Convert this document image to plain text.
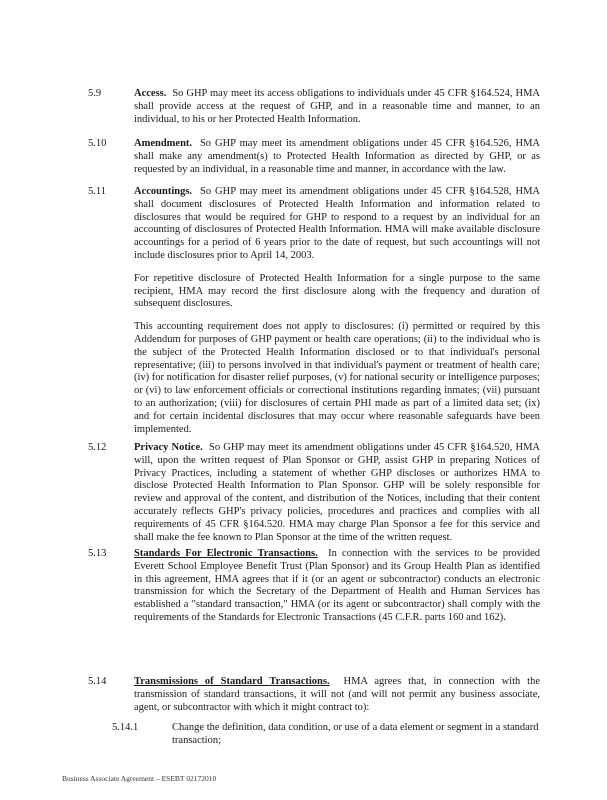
5.9	Access. So GHP may meet its access obligations to individuals under 45 CFR §164.524, HMA shall provide access at the request of GHP, and in a reasonable time and manner, to an individual, to his or her Protected Health Information.

5.10	Amendment. So GHP may meet its amendment obligations under 45 CFR §164.526, HMA shall make any amendment(s) to Protected Health Information as directed by GHP, or as requested by an individual, in a reasonable time and manner, in accordance with the law.

5.11	Accountings. So GHP may meet its amendment obligations under 45 CFR §164.528, HMA shall document disclosures of Protected Health Information and information related to disclosures that would be required for GHP to respond to a request by an individual for an accounting of disclosures of Protected Health Information. HMA will make available disclosure accountings for a period of 6 years prior to the date of request, but such accountings will not include disclosures prior to April 14, 2003.

For repetitive disclosure of Protected Health Information for a single purpose to the same recipient, HMA may record the first disclosure along with the frequency and duration of subsequent disclosures.

This accounting requirement does not apply to disclosures: (i) permitted or required by this Addendum for purposes of GHP payment or health care operations; (ii) to the individual who is the subject of the Protected Health Information disclosed or to that individual's personal representative; (iii) to persons involved in that individual's payment or treatment of health care; (iv) for notification for disaster relief purposes, (v) for national security or intelligence purposes; or (vi) to law enforcement officials or correctional institutions regarding inmates; (vii) pursuant to an authorization; (viii) for disclosures of certain PHI made as part of a limited data set; (ix) and for certain incidental disclosures that may occur where reasonable safeguards have been implemented.

5.12	Privacy Notice. So GHP may meet its amendment obligations under 45 CFR §164.520, HMA will, upon the written request of Plan Sponsor or GHP, assist GHP in preparing Notices of Privacy Practices, including a statement of whether GHP discloses or authorizes HMA to disclose Protected Health Information to Plan Sponsor. GHP will be solely responsible for review and approval of the content, and distribution of the Notices, including that their content accurately reflects GHP's privacy policies, procedures and practices and complies with all requirements of 45 CFR §164.520. HMA may charge Plan Sponsor a fee for this service and shall make the fee known to Plan Sponsor at the time of the written request.

5.13	Standards For Electronic Transactions. In connection with the services to be provided Everett School Employee Benefit Trust (Plan Sponsor) and its Group Health Plan as identified in this agreement, HMA agrees that if it (or an agent or subcontractor) conducts an electronic transmission for which the Secretary of the Department of Health and Human Services has established a "standard transaction," HMA (or its agent or subcontractor) shall comply with the requirements of the Standards for Electronic Transactions (45 C.F.R. parts 160 and 162).

5.14	Transmissions of Standard Transactions. HMA agrees that, in connection with the transmission of standard transactions, it will not (and will not permit any business associate, agent, or subcontractor with which it might contract to):

5.14.1	Change the definition, data condition, or use of a data element or segment in a standard transaction;
Business Associate Agreement – ESEBT 02172010
